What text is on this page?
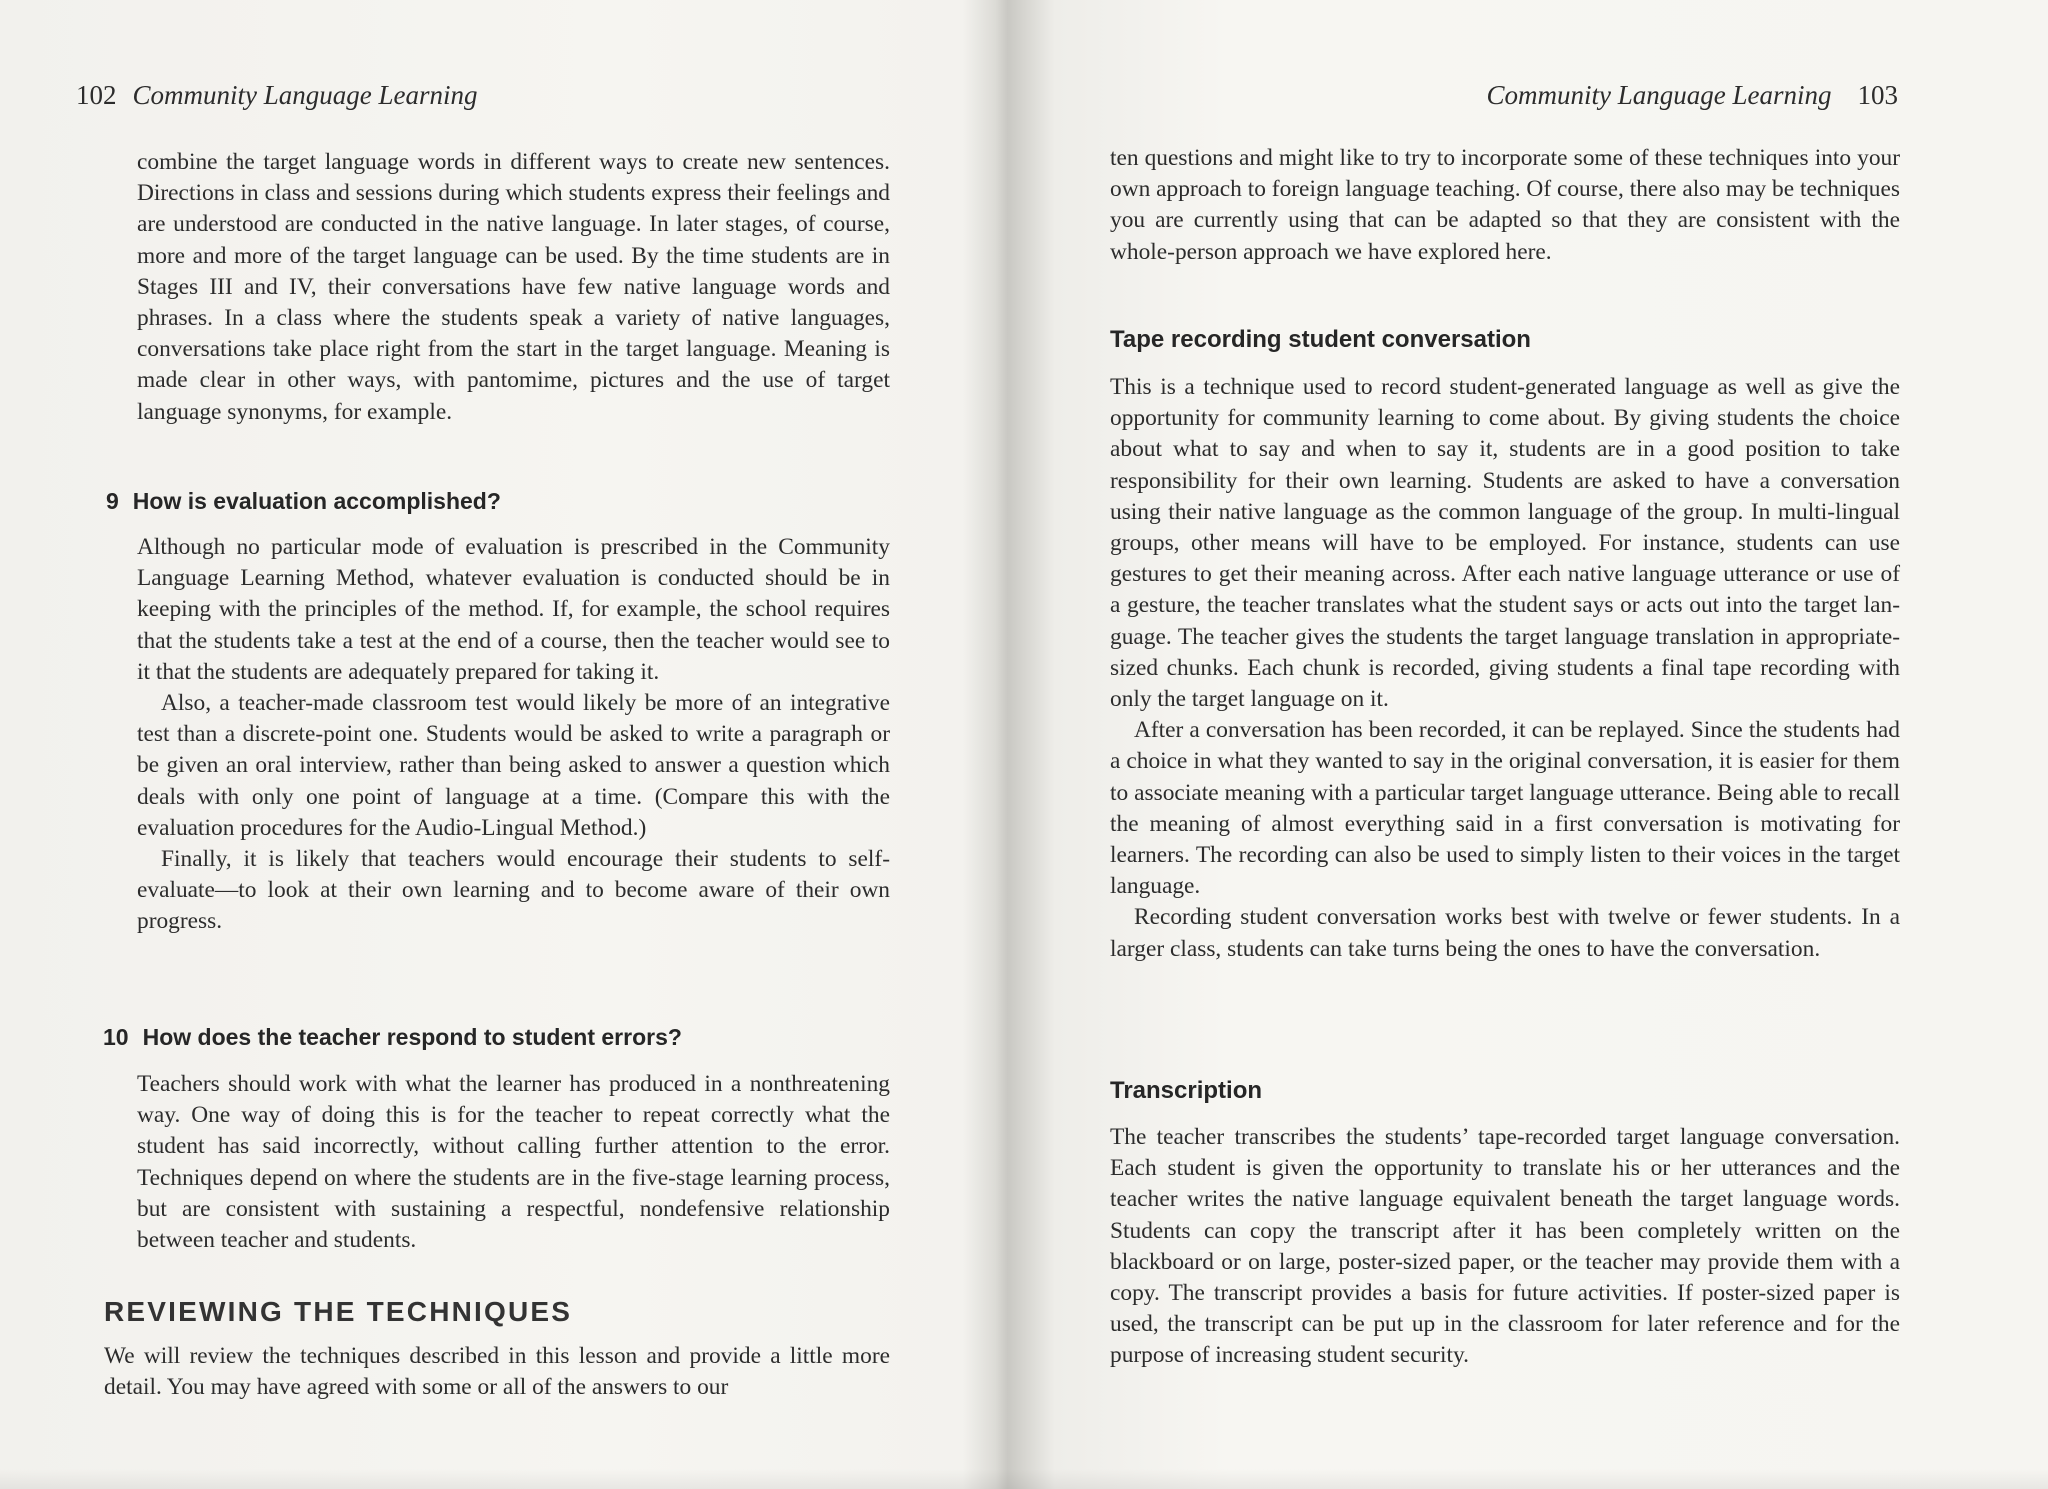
102 Community Language Learning

combine the target language words in different ways to create new sentences. Directions in class and sessions during which students express their feelings and are understood are conducted in the native language. In later stages, of course, more and more of the target language can be used. By the time students are in Stages III and IV, their conversations have few native language words and phrases. In a class where the students speak a variety of native languages, conversations take place right from the start in the target language. Meaning is made clear in other ways, with pantomime, pictures and the use of target language synonyms, for example.

9 How is evaluation accomplished?

Although no particular mode of evaluation is prescribed in the Community Language Learning Method, whatever evaluation is conducted should be in keeping with the principles of the method. If, for example, the school requires that the students take a test at the end of a course, then the teacher would see to it that the students are adequately prepared for taking it.

Also, a teacher-made classroom test would likely be more of an integrative test than a discrete-point one. Students would be asked to write a paragraph or be given an oral interview, rather than being asked to answer a question which deals with only one point of language at a time. (Compare this with the evaluation procedures for the Audio-Lingual Method.)

Finally, it is likely that teachers would encourage their students to self-evaluate—to look at their own learning and to become aware of their own progress.

10 How does the teacher respond to student errors?

Teachers should work with what the learner has produced in a nonthreatening way. One way of doing this is for the teacher to repeat correctly what the student has said incorrectly, without calling further attention to the error. Techniques depend on where the students are in the five-stage learning process, but are consistent with sustaining a respectful, nondefensive relationship between teacher and students.

REVIEWING THE TECHNIQUES

We will review the techniques described in this lesson and provide a little more detail. You may have agreed with some or all of the answers to our

Community Language Learning 103

ten questions and might like to try to incorporate some of these techniques into your own approach to foreign language teaching. Of course, there also may be techniques you are currently using that can be adapted so that they are consistent with the whole-person approach we have explored here.

Tape recording student conversation

This is a technique used to record student-generated language as well as give the opportunity for community learning to come about. By giving students the choice about what to say and when to say it, students are in a good position to take responsibility for their own learning. Students are asked to have a conversation using their native language as the common language of the group. In multi-lingual groups, other means will have to be employed. For instance, students can use gestures to get their meaning across. After each native language utterance or use of a gesture, the teacher translates what the student says or acts out into the target language. The teacher gives the students the target language translation in appropriate-sized chunks. Each chunk is recorded, giving students a final tape recording with only the target language on it.

After a conversation has been recorded, it can be replayed. Since the students had a choice in what they wanted to say in the original conversation, it is easier for them to associate meaning with a particular target language utterance. Being able to recall the meaning of almost everything said in a first conversation is motivating for learners. The recording can also be used to simply listen to their voices in the target language.

Recording student conversation works best with twelve or fewer students. In a larger class, students can take turns being the ones to have the conversation.

Transcription

The teacher transcribes the students’ tape-recorded target language conversation. Each student is given the opportunity to translate his or her utterances and the teacher writes the native language equivalent beneath the target language words. Students can copy the transcript after it has been completely written on the blackboard or on large, poster-sized paper, or the teacher may provide them with a copy. The transcript provides a basis for future activities. If poster-sized paper is used, the transcript can be put up in the classroom for later reference and for the purpose of increasing student security.
